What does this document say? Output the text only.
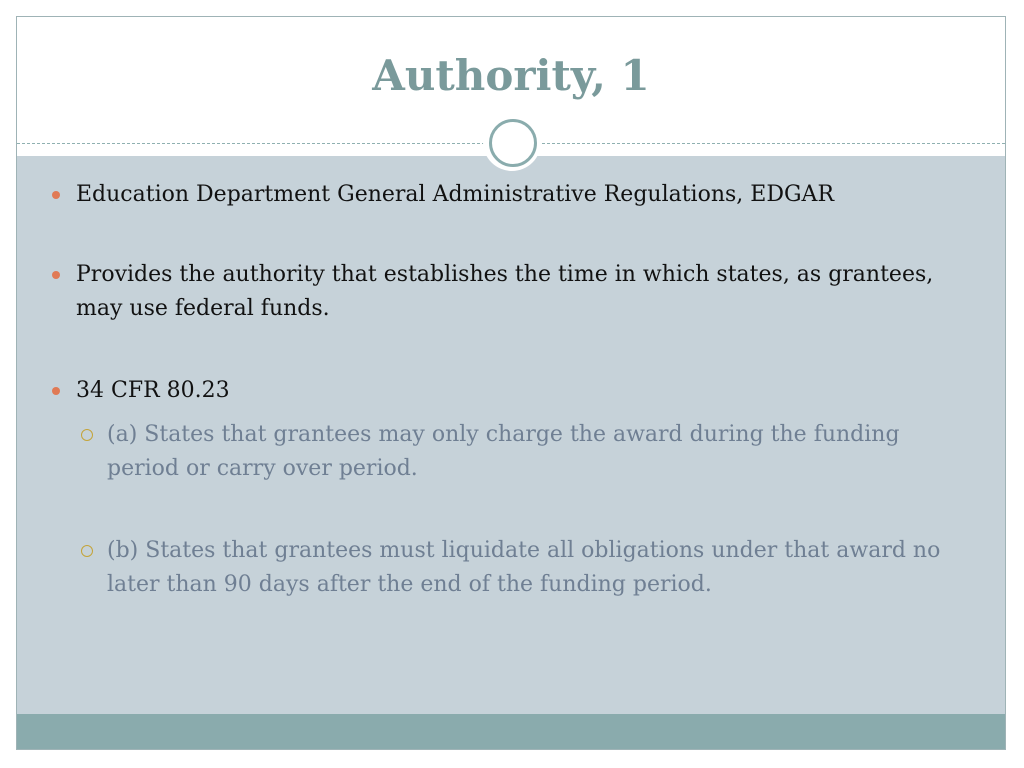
Authority, 1
Education Department General Administrative Regulations, EDGAR
Provides the authority that establishes the time in which states, as grantees, may use federal funds.
34 CFR 80.23
(a) States that grantees may only charge the award during the funding period or carry over period.
(b) States that grantees must liquidate all obligations under that award no later than 90 days after the end of the funding period.
